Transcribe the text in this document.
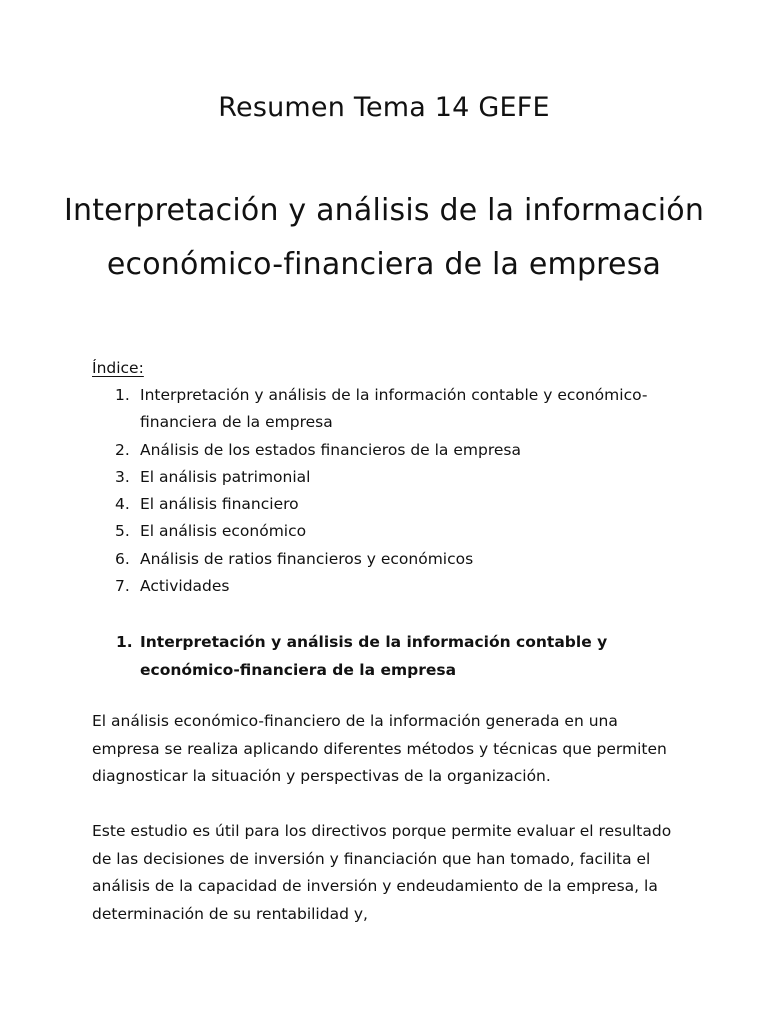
Resumen Tema 14 GEFE
Interpretación y análisis de la información económico-financiera de la empresa
Índice:
1. Interpretación y análisis de la información contable y económico-financiera de la empresa
2. Análisis de los estados financieros de la empresa
3. El análisis patrimonial
4. El análisis financiero
5. El análisis económico
6. Análisis de ratios financieros y económicos
7. Actividades
1. Interpretación y análisis de la información contable y económico-financiera de la empresa

El análisis económico-financiero de la información generada en una empresa se realiza aplicando diferentes métodos y técnicas que permiten diagnosticar la situación y perspectivas de la organización.

Este estudio es útil para los directivos porque permite evaluar el resultado de las decisiones de inversión y financiación que han tomado, facilita el análisis de la capacidad de inversión y endeudamiento de la empresa, la determinación de su rentabilidad y,
